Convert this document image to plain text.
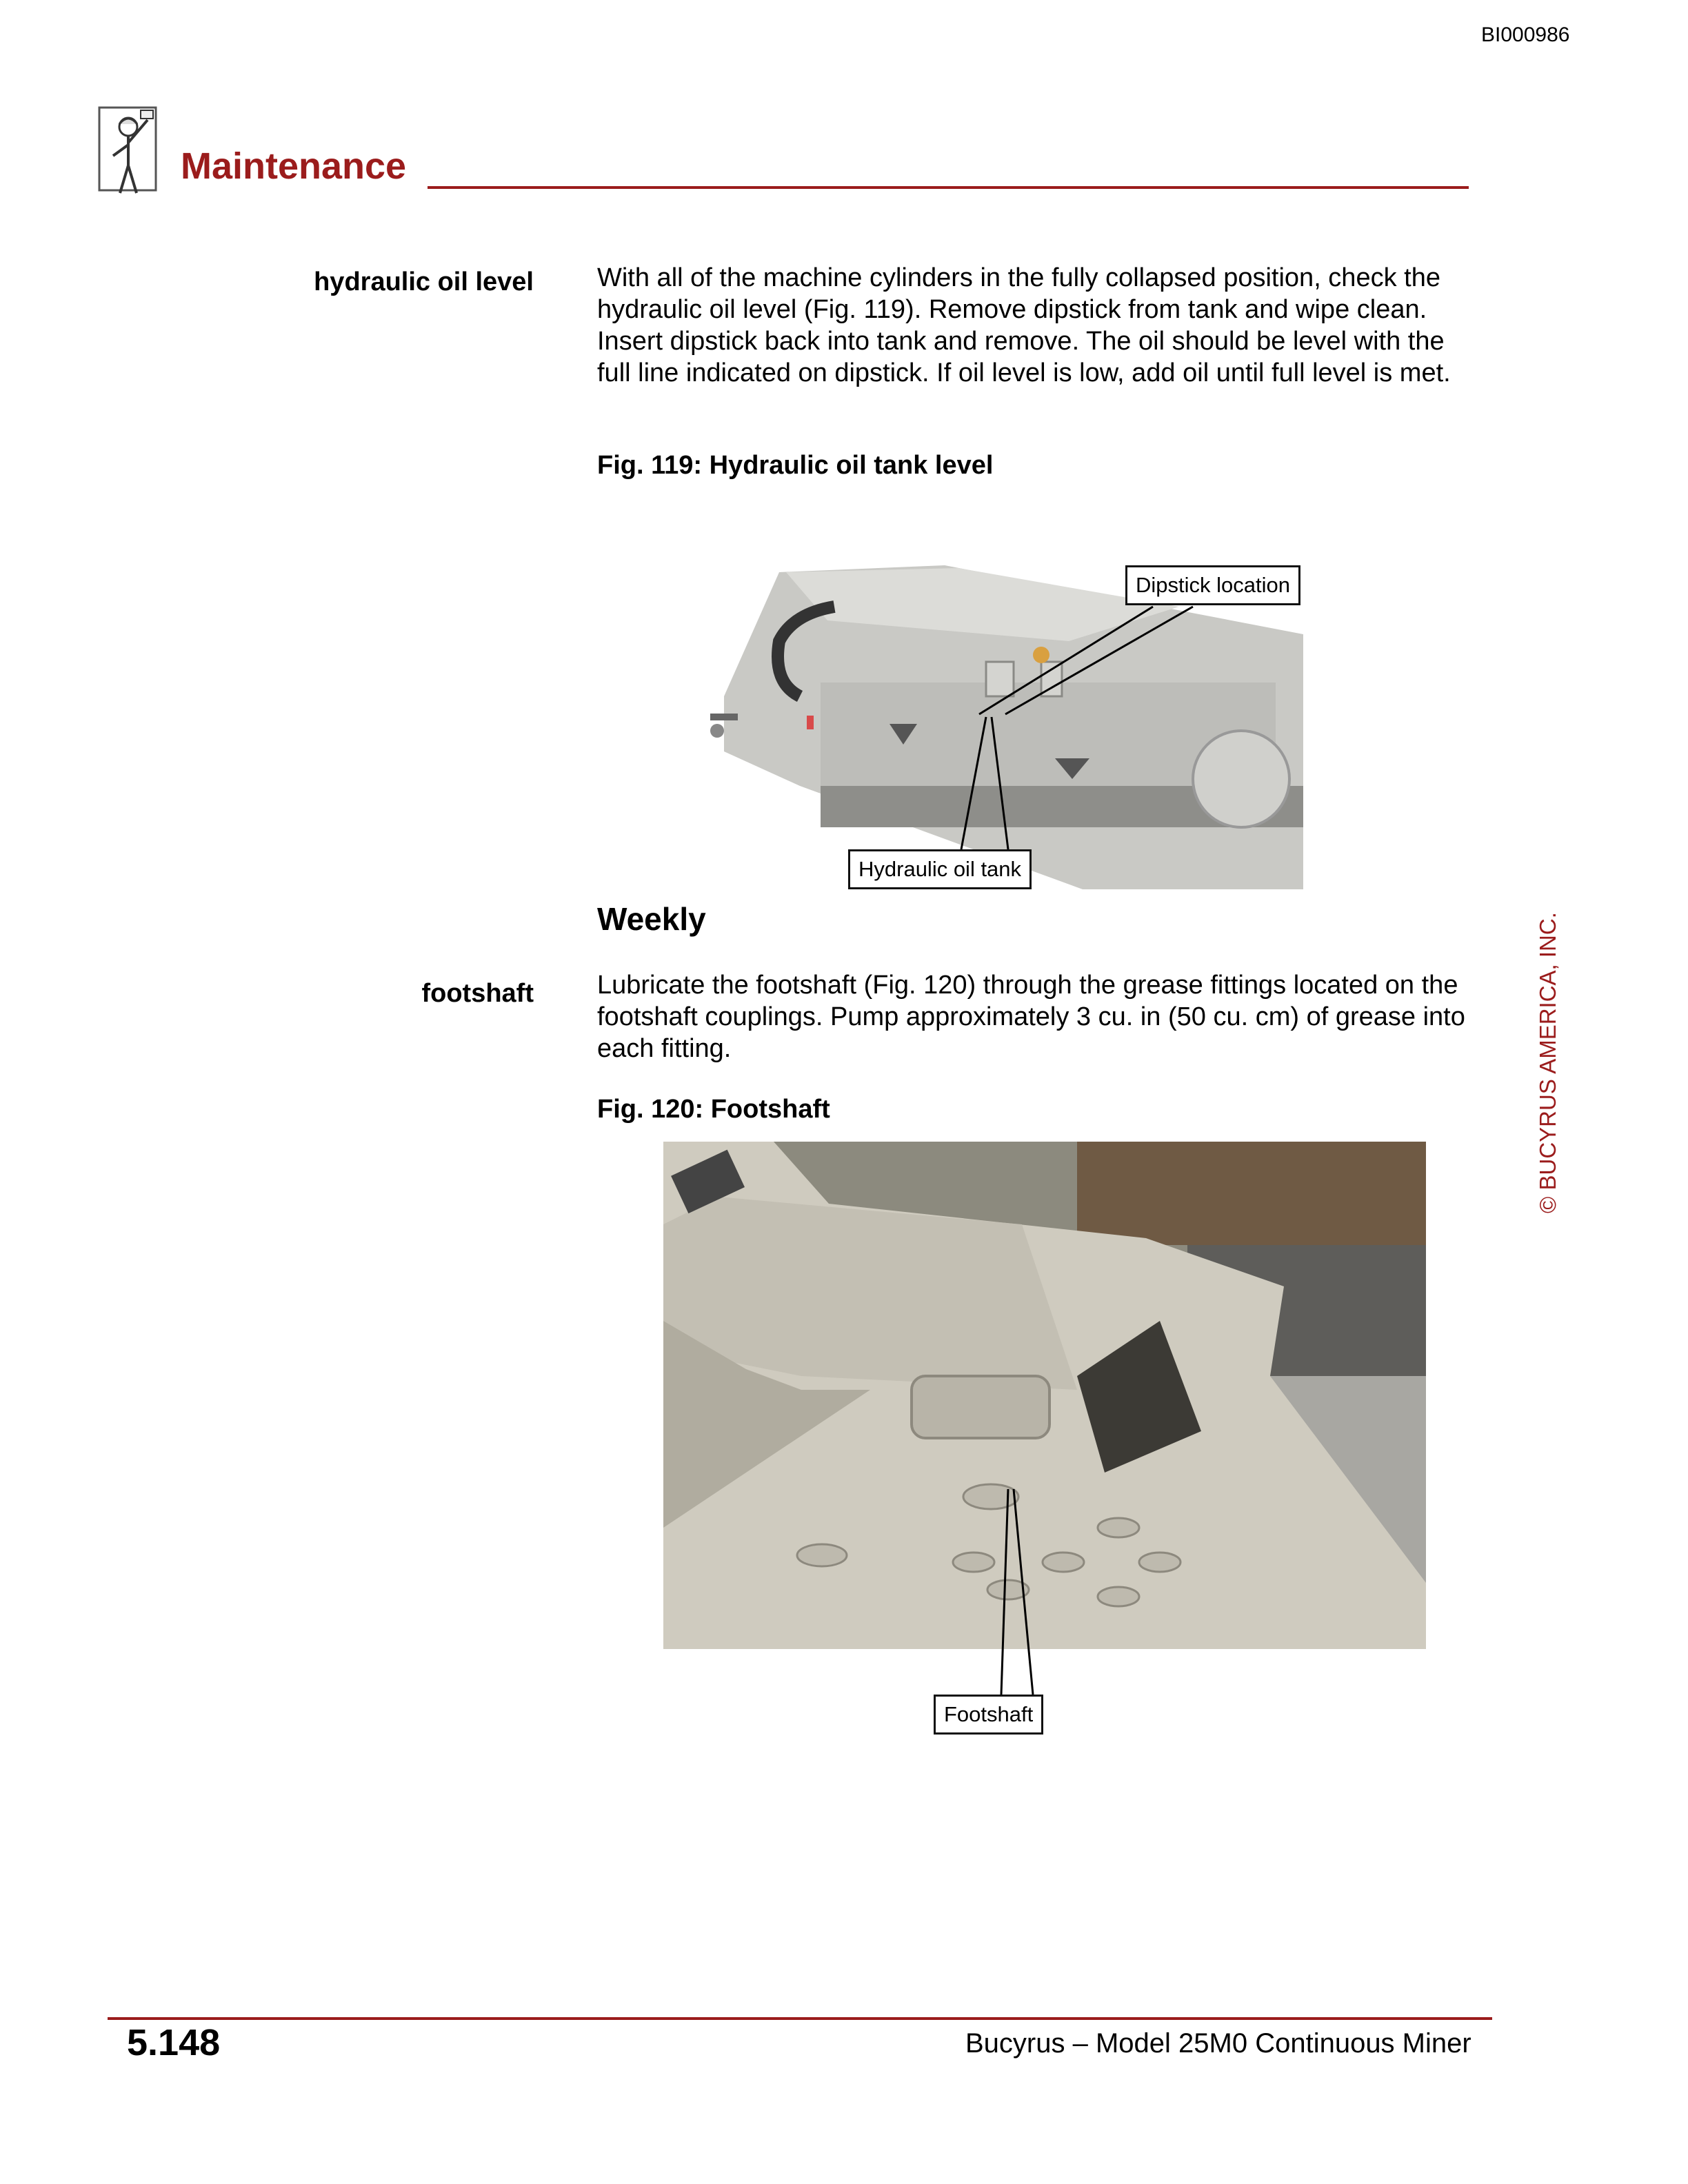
BI000986
Maintenance
hydraulic oil level With all of the machine cylinders in the fully collapsed position, check the hydraulic oil level (Fig. 119). Remove dipstick from tank and wipe clean. Insert dipstick back into tank and remove. The oil should be level with the full line indicated on dipstick. If oil level is low, add oil until full level is met.
Fig. 119: Hydraulic oil tank level
Dipstick location
Hydraulic oil tank
Weekly
footshaft Lubricate the footshaft (Fig. 120) through the grease fittings located on the footshaft couplings. Pump approximately 3 cu. in (50 cu. cm) of grease into each fitting.
Fig. 120: Footshaft
Footshaft
© BUCYRUS AMERICA, INC.
5.148	Bucyrus – Model 25M0 Continuous Miner
